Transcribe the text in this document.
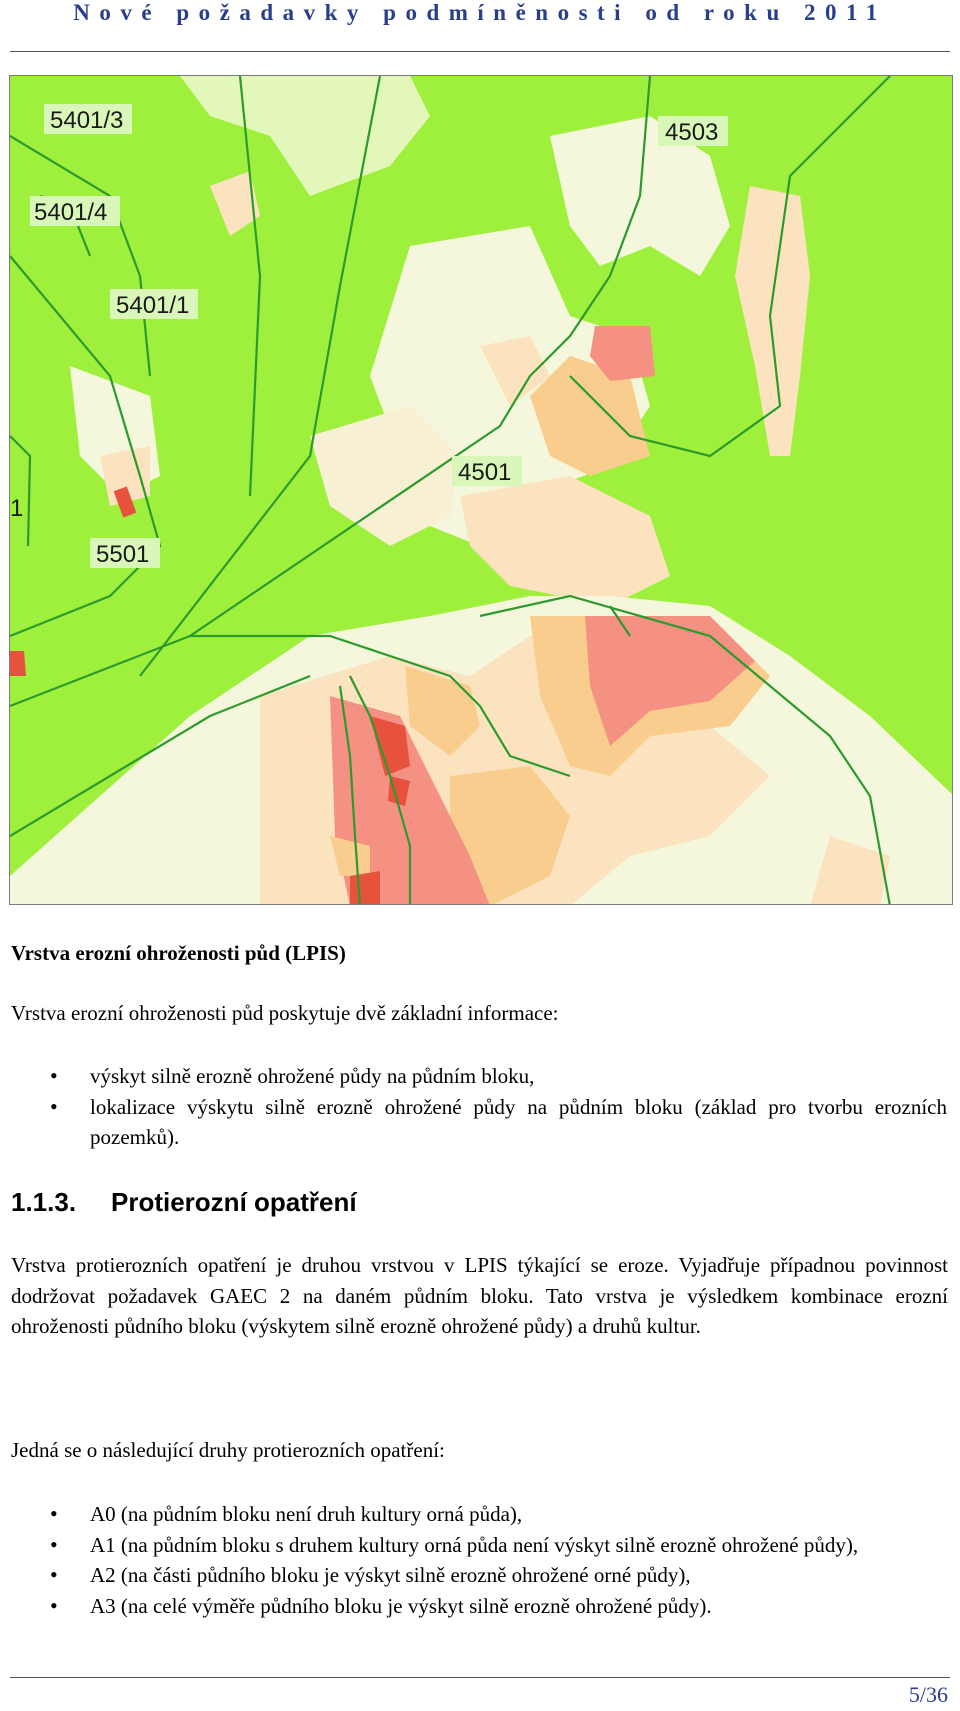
Nové požadavky podmíněnosti od roku 2011
5401/3
5401/4
5401/1
4503
4501
5501
1

Vrstva erozní ohroženosti půd (LPIS)

Vrstva erozní ohroženosti půd poskytuje dvě základní informace:

• výskyt silně erozně ohrožené půdy na půdním bloku,
• lokalizace výskytu silně erozně ohrožené půdy na půdním bloku (základ pro tvorbu erozních pozemků).
1.1.3. Protierozní opatření

Vrstva protierozních opatření je druhou vrstvou v LPIS týkající se eroze. Vyjadřuje případnou povinnost dodržovat požadavek GAEC 2 na daném půdním bloku. Tato vrstva je výsledkem kombinace erozní ohroženosti půdního bloku (výskytem silně erozně ohrožené půdy) a druhů kultur.

Jedná se o následující druhy protierozních opatření:

• A0 (na půdním bloku není druh kultury orná půda),
• A1 (na půdním bloku s druhem kultury orná půda není výskyt silně erozně ohrožené půdy),
• A2 (na části půdního bloku je výskyt silně erozně ohrožené orné půdy),
• A3 (na celé výměře půdního bloku je výskyt silně erozně ohrožené půdy).
5/36
